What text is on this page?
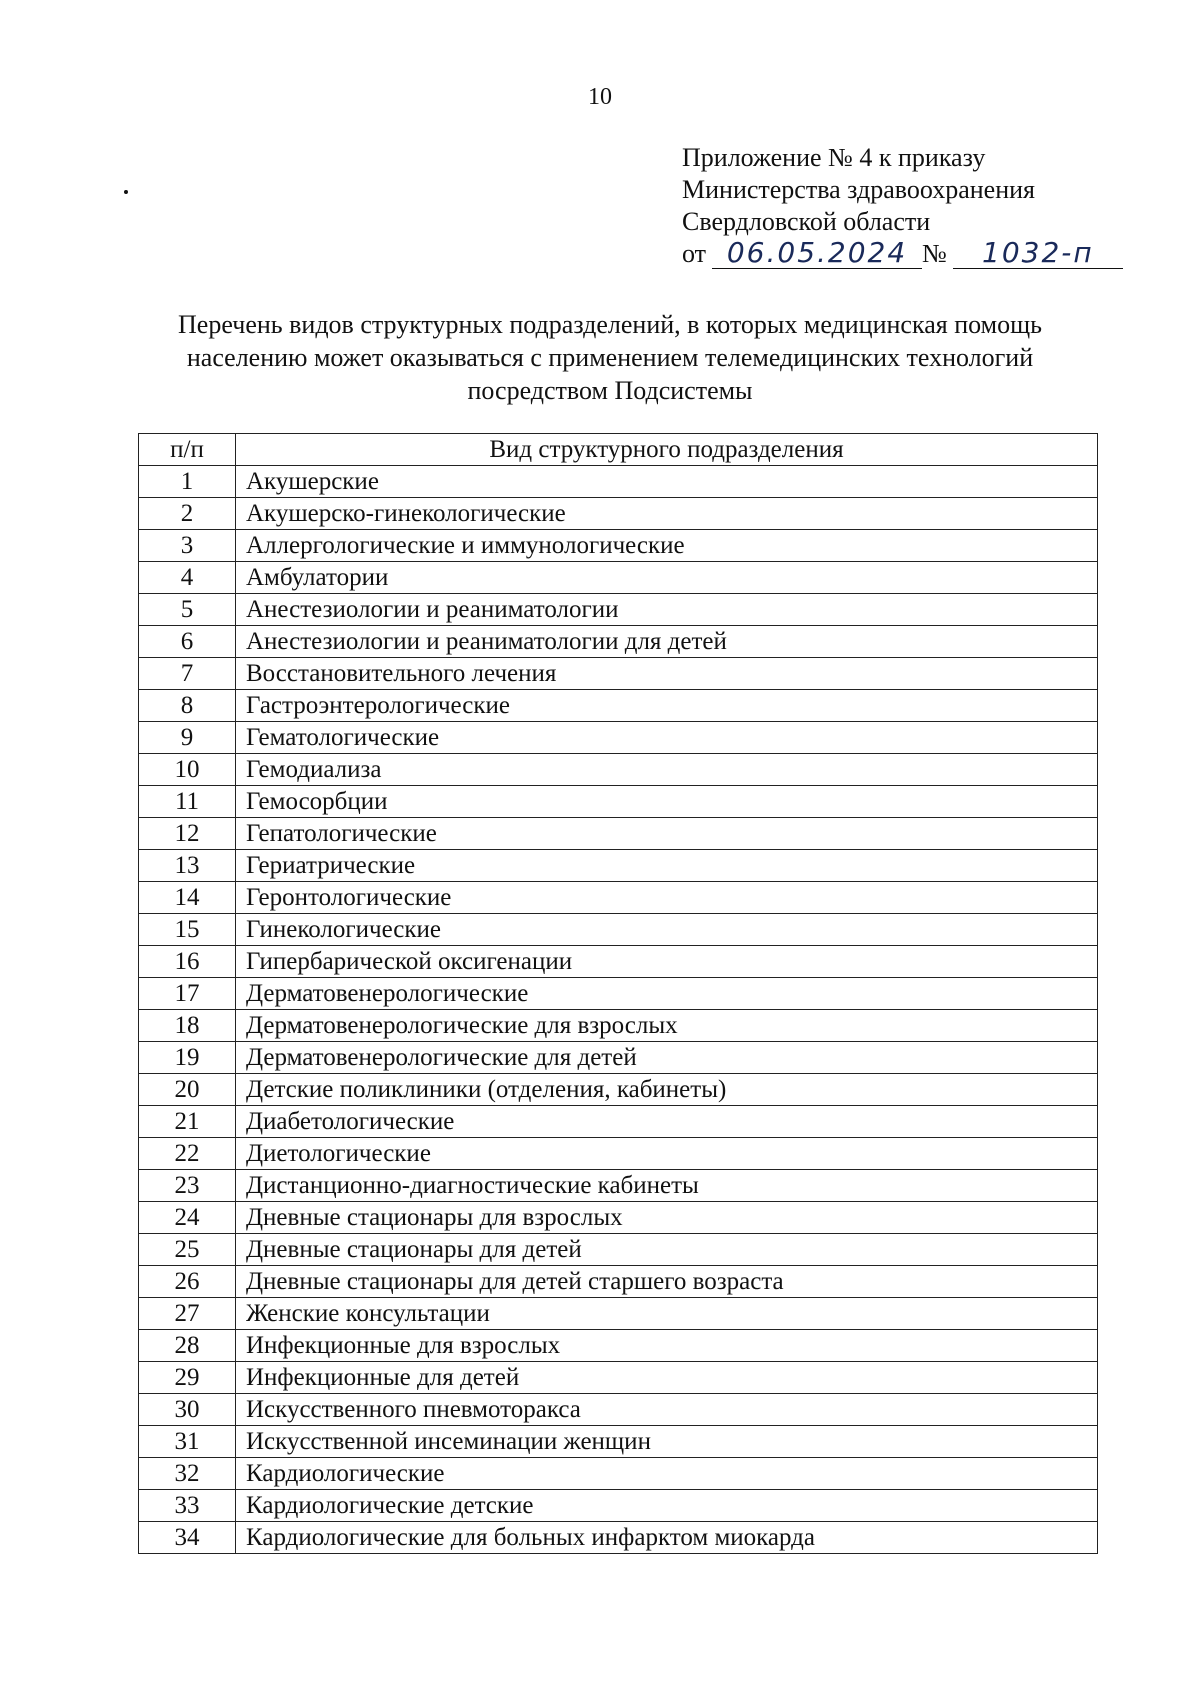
10
Приложение № 4 к приказу
Министерства здравоохранения
Свердловской области
от 06.05.2024 № 1032-п
Перечень видов структурных подразделений, в которых медицинская помощь
населению может оказываться с применением телемедицинских технологий
посредством Подсистемы
п/п	Вид структурного подразделения
1	Акушерские
2	Акушерско-гинекологические
3	Аллергологические и иммунологические
4	Амбулатории
5	Анестезиологии и реаниматологии
6	Анестезиологии и реаниматологии для детей
7	Восстановительного лечения
8	Гастроэнтерологические
9	Гематологические
10	Гемодиализа
11	Гемосорбции
12	Гепатологические
13	Гериатрические
14	Геронтологические
15	Гинекологические
16	Гипербарической оксигенации
17	Дерматовенерологические
18	Дерматовенерологические для взрослых
19	Дерматовенерологические для детей
20	Детские поликлиники (отделения, кабинеты)
21	Диабетологические
22	Диетологические
23	Дистанционно-диагностические кабинеты
24	Дневные стационары для взрослых
25	Дневные стационары для детей
26	Дневные стационары для детей старшего возраста
27	Женские консультации
28	Инфекционные для взрослых
29	Инфекционные для детей
30	Искусственного пневмоторакса
31	Искусственной инсеминации женщин
32	Кардиологические
33	Кардиологические детские
34	Кардиологические для больных инфарктом миокарда
